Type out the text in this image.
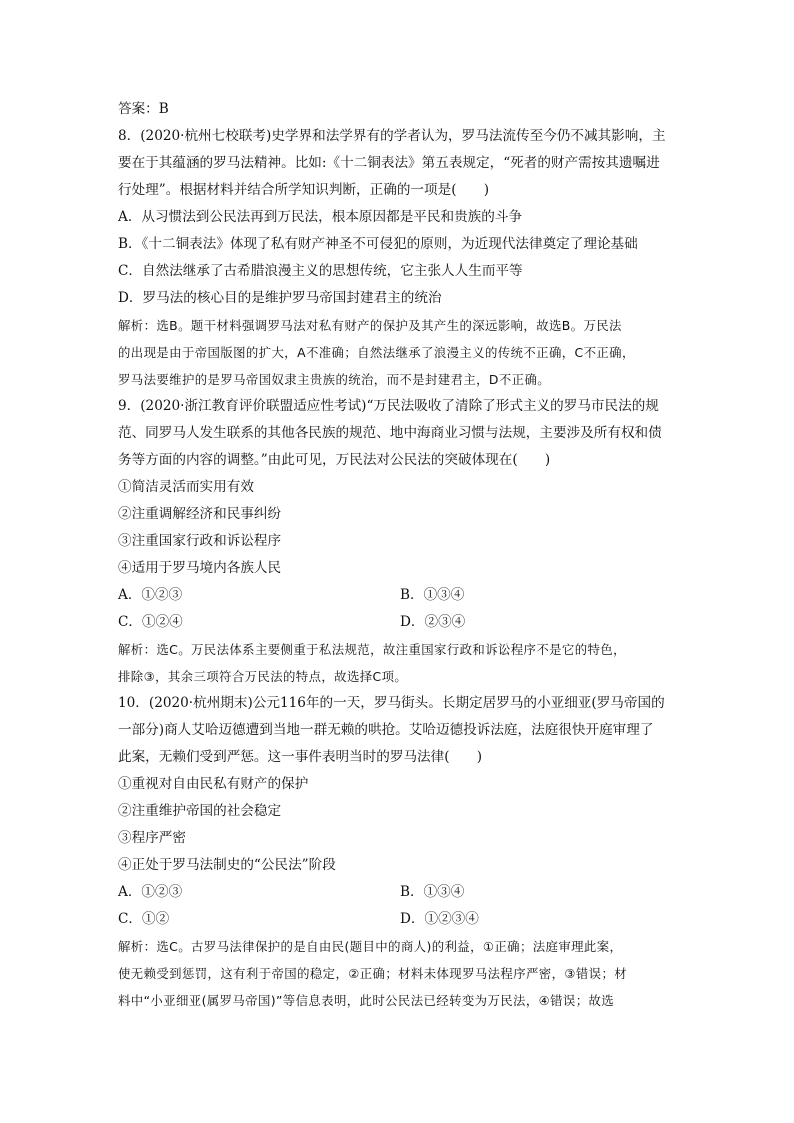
答案：B
8．(2020·杭州七校联考)史学界和法学界有的学者认为，罗马法流传至今仍不减其影响，主
要在于其蕴涵的罗马法精神。比如:《十二铜表法》第五表规定，“死者的财产需按其遗嘱进
行处理”。根据材料并结合所学知识判断，正确的一项是(　　)
A．从习惯法到公民法再到万民法，根本原因都是平民和贵族的斗争
B．《十二铜表法》体现了私有财产神圣不可侵犯的原则，为近现代法律奠定了理论基础
C．自然法继承了古希腊浪漫主义的思想传统，它主张人人生而平等
D．罗马法的核心目的是维护罗马帝国封建君主的统治
解析：选B。题干材料强调罗马法对私有财产的保护及其产生的深远影响，故选B。万民法
的出现是由于帝国版图的扩大，A不准确；自然法继承了浪漫主义的传统不正确，C不正确，
罗马法要维护的是罗马帝国奴隶主贵族的统治，而不是封建君主，D不正确。
9．(2020·浙江教育评价联盟适应性考试)“万民法吸收了清除了形式主义的罗马市民法的规
范、同罗马人发生联系的其他各民族的规范、地中海商业习惯与法规，主要涉及所有权和债
务等方面的内容的调整。”由此可见，万民法对公民法的突破体现在(　　)
①简洁灵活而实用有效
②注重调解经济和民事纠纷
③注重国家行政和诉讼程序
④适用于罗马境内各族人民
A．①②③	B．①③④
C．①②④	D．②③④
解析：选C。万民法体系主要侧重于私法规范，故注重国家行政和诉讼程序不是它的特色，
排除③，其余三项符合万民法的特点，故选择C项。
10．(2020·杭州期末)公元116年的一天，罗马街头。长期定居罗马的小亚细亚(罗马帝国的
一部分)商人艾哈迈德遭到当地一群无赖的哄抢。艾哈迈德投诉法庭，法庭很快开庭审理了
此案，无赖们受到严惩。这一事件表明当时的罗马法律(　　)
①重视对自由民私有财产的保护
②注重维护帝国的社会稳定
③程序严密
④正处于罗马法制史的“公民法”阶段
A．①②③	B．①③④
C．①②	D．①②③④
解析：选C。古罗马法律保护的是自由民(题目中的商人)的利益，①正确；法庭审理此案，
使无赖受到惩罚，这有利于帝国的稳定，②正确；材料未体现罗马法程序严密，③错误；材
料中“小亚细亚(属罗马帝国)”等信息表明，此时公民法已经转变为万民法，④错误；故选
